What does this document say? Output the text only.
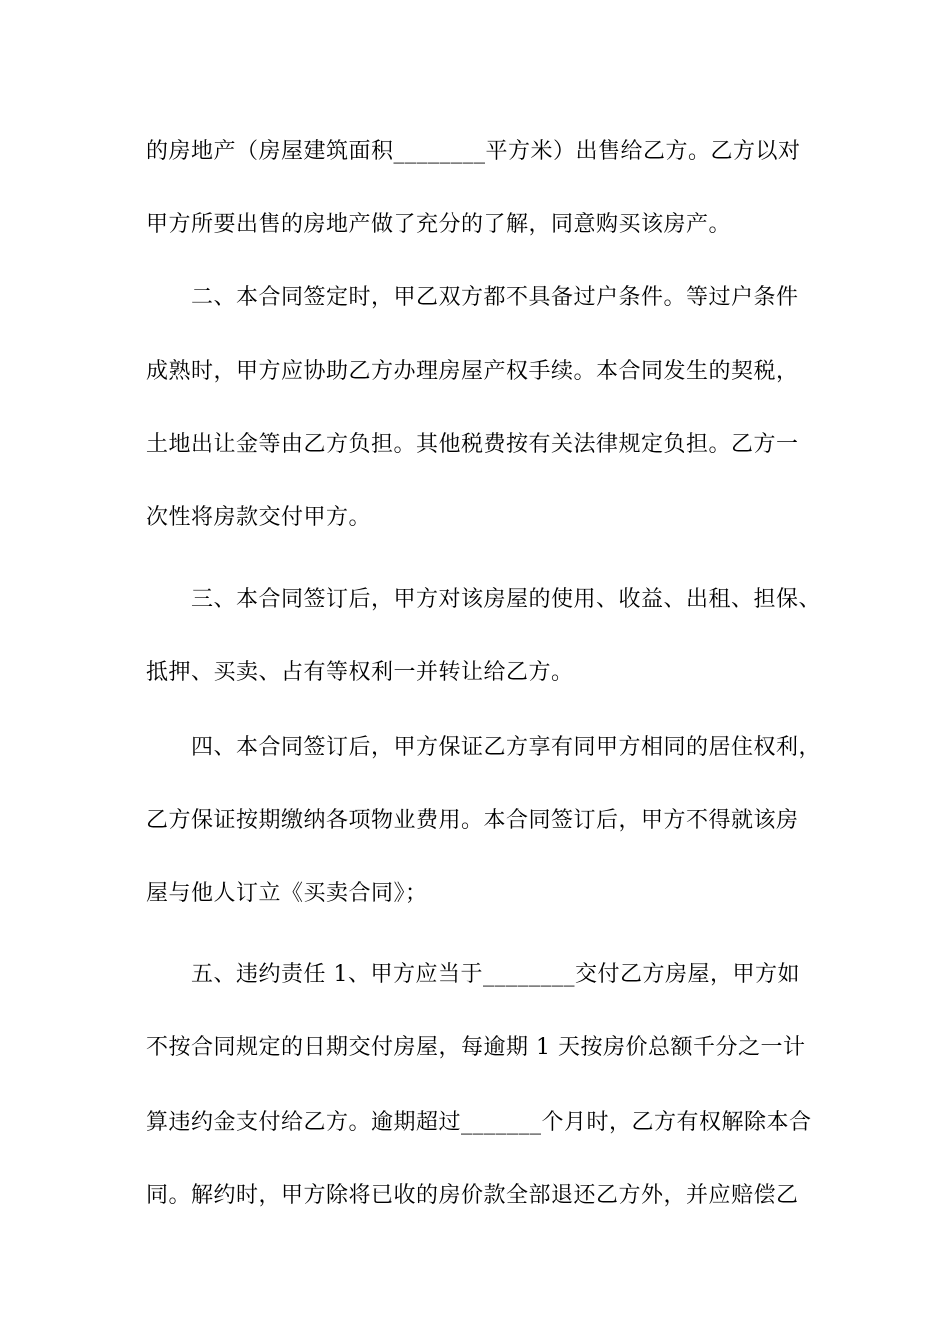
的房地产（房屋建筑面积________平方米）出售给乙方。乙方以对
甲方所要出售的房地产做了充分的了解，同意购买该房产。
　　二、本合同签定时，甲乙双方都不具备过户条件。等过户条件
成熟时，甲方应协助乙方办理房屋产权手续。本合同发生的契税，
土地出让金等由乙方负担。其他税费按有关法律规定负担。乙方一
次性将房款交付甲方。
　　三、本合同签订后，甲方对该房屋的使用、收益、出租、担保、
抵押、买卖、占有等权利一并转让给乙方。
　　四、本合同签订后，甲方保证乙方享有同甲方相同的居住权利，
乙方保证按期缴纳各项物业费用。本合同签订后，甲方不得就该房
屋与他人订立《买卖合同》；
　　五、违约责任 1、甲方应当于________交付乙方房屋，甲方如
不按合同规定的日期交付房屋，每逾期 1 天按房价总额千分之一计
算违约金支付给乙方。逾期超过_______个月时，乙方有权解除本合
同。解约时，甲方除将已收的房价款全部退还乙方外，并应赔偿乙
